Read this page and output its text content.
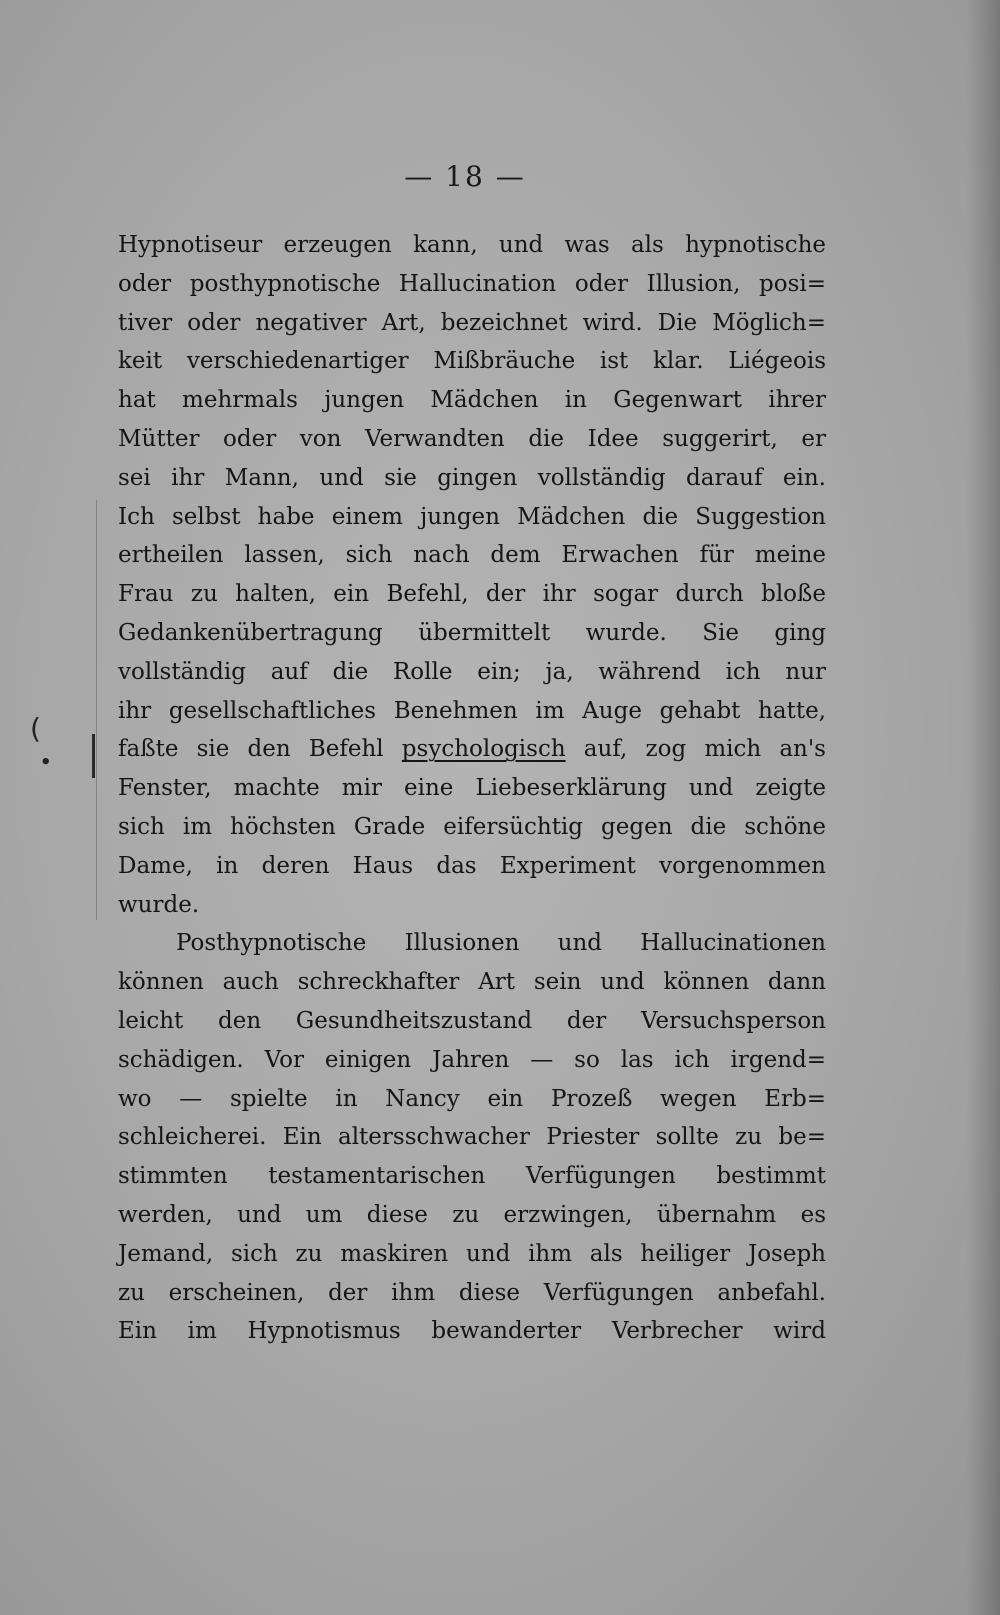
— 18 —
(
•
Hypnotiseur erzeugen kann, und was als hypnotische
oder posthypnotische Hallucination oder Illusion, posi=
tiver oder negativer Art, bezeichnet wird. Die Möglich=
keit verschiedenartiger Mißbräuche ist klar. Liégeois
hat mehrmals jungen Mädchen in Gegenwart ihrer
Mütter oder von Verwandten die Idee suggerirt, er
sei ihr Mann, und sie gingen vollständig darauf ein.
Ich selbst habe einem jungen Mädchen die Suggestion
ertheilen lassen, sich nach dem Erwachen für meine
Frau zu halten, ein Befehl, der ihr sogar durch bloße
Gedankenübertragung übermittelt wurde. Sie ging
vollständig auf die Rolle ein; ja, während ich nur
ihr gesellschaftliches Benehmen im Auge gehabt hatte,
faßte sie den Befehl psychologisch auf, zog mich an's
Fenster, machte mir eine Liebeserklärung und zeigte
sich im höchsten Grade eifersüchtig gegen die schöne
Dame, in deren Haus das Experiment vorgenommen
wurde.
Posthypnotische Illusionen und Hallucinationen
können auch schreckhafter Art sein und können dann
leicht den Gesundheitszustand der Versuchsperson
schädigen. Vor einigen Jahren — so las ich irgend=
wo — spielte in Nancy ein Prozeß wegen Erb=
schleicherei. Ein altersschwacher Priester sollte zu be=
stimmten testamentarischen Verfügungen bestimmt
werden, und um diese zu erzwingen, übernahm es
Jemand, sich zu maskiren und ihm als heiliger Joseph
zu erscheinen, der ihm diese Verfügungen anbefahl.
Ein im Hypnotismus bewanderter Verbrecher wird
